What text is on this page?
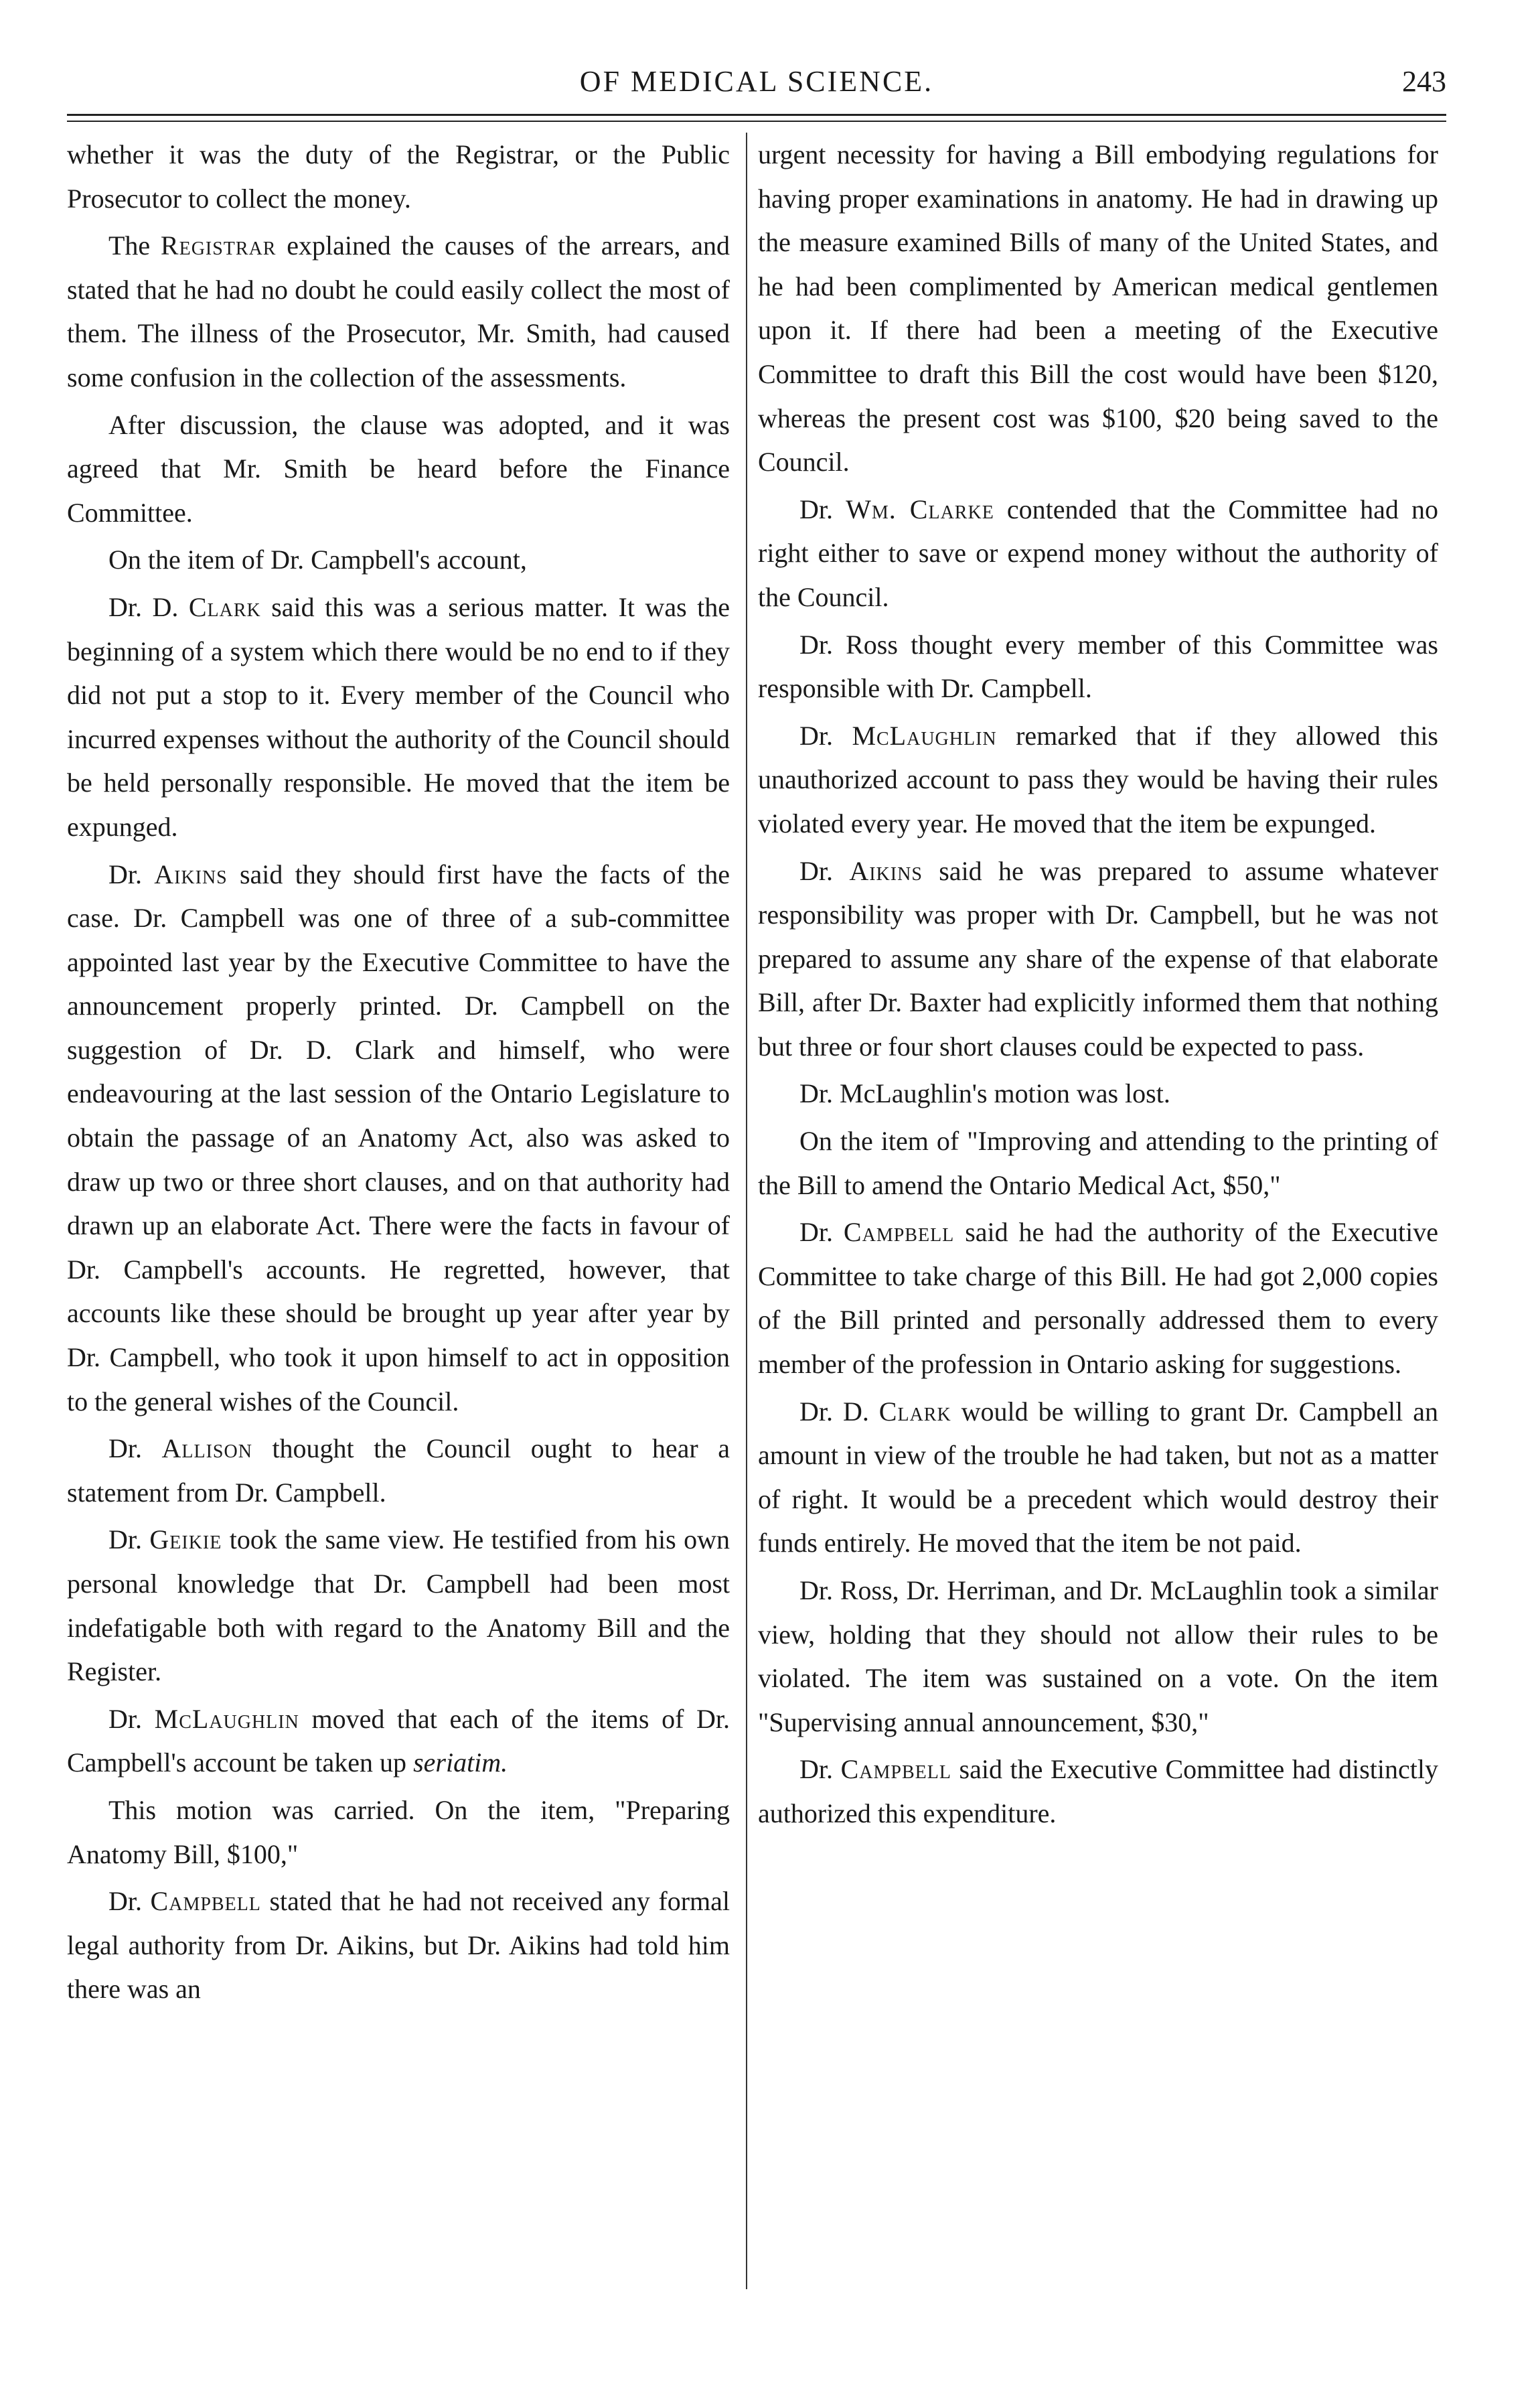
OF MEDICAL SCIENCE.	243

whether it was the duty of the Registrar, or the Public Prosecutor to collect the money.

The Registrar explained the causes of the arrears, and stated that he had no doubt he could easily collect the most of them. The illness of the Prosecutor, Mr. Smith, had caused some confusion in the collection of the assessments.

After discussion, the clause was adopted, and it was agreed that Mr. Smith be heard before the Finance Committee.

On the item of Dr. Campbell's account,

Dr. D. Clark said this was a serious matter. It was the beginning of a system which there would be no end to if they did not put a stop to it. Every member of the Council who incurred expenses without the authority of the Council should be held personally responsible. He moved that the item be expunged.

Dr. Aikins said they should first have the facts of the case. Dr. Campbell was one of three of a sub-committee appointed last year by the Executive Committee to have the announcement properly printed. Dr. Campbell on the suggestion of Dr. D. Clark and himself, who were endeavouring at the last session of the Ontario Legislature to obtain the passage of an Anatomy Act, also was asked to draw up two or three short clauses, and on that authority had drawn up an elaborate Act. There were the facts in favour of Dr. Campbell's accounts. He regretted, however, that accounts like these should be brought up year after year by Dr. Campbell, who took it upon himself to act in opposition to the general wishes of the Council.

Dr. Allison thought the Council ought to hear a statement from Dr. Campbell.

Dr. Geikie took the same view. He testified from his own personal knowledge that Dr. Campbell had been most indefatigable both with regard to the Anatomy Bill and the Register.

Dr. McLaughlin moved that each of the items of Dr. Campbell's account be taken up seriatim.

This motion was carried. On the item, "Preparing Anatomy Bill, $100,"

Dr. Campbell stated that he had not received any formal legal authority from Dr. Aikins, but Dr. Aikins had told him there was an

urgent necessity for having a Bill embodying regulations for having proper examinations in anatomy. He had in drawing up the measure examined Bills of many of the United States, and he had been complimented by American medical gentlemen upon it. If there had been a meeting of the Executive Committee to draft this Bill the cost would have been $120, whereas the present cost was $100, $20 being saved to the Council.

Dr. Wm. Clarke contended that the Committee had no right either to save or expend money without the authority of the Council.

Dr. Ross thought every member of this Committee was responsible with Dr. Campbell.

Dr. McLaughlin remarked that if they allowed this unauthorized account to pass they would be having their rules violated every year. He moved that the item be expunged.

Dr. Aikins said he was prepared to assume whatever responsibility was proper with Dr. Campbell, but he was not prepared to assume any share of the expense of that elaborate Bill, after Dr. Baxter had explicitly informed them that nothing but three or four short clauses could be expected to pass.

Dr. McLaughlin's motion was lost.

On the item of "Improving and attending to the printing of the Bill to amend the Ontario Medical Act, $50,"

Dr. Campbell said he had the authority of the Executive Committee to take charge of this Bill. He had got 2,000 copies of the Bill printed and personally addressed them to every member of the profession in Ontario asking for suggestions.

Dr. D. Clark would be willing to grant Dr. Campbell an amount in view of the trouble he had taken, but not as a matter of right. It would be a precedent which would destroy their funds entirely. He moved that the item be not paid.

Dr. Ross, Dr. Herriman, and Dr. McLaughlin took a similar view, holding that they should not allow their rules to be violated. The item was sustained on a vote. On the item "Supervising annual announcement, $30,"

Dr. Campbell said the Executive Committee had distinctly authorized this expenditure.
